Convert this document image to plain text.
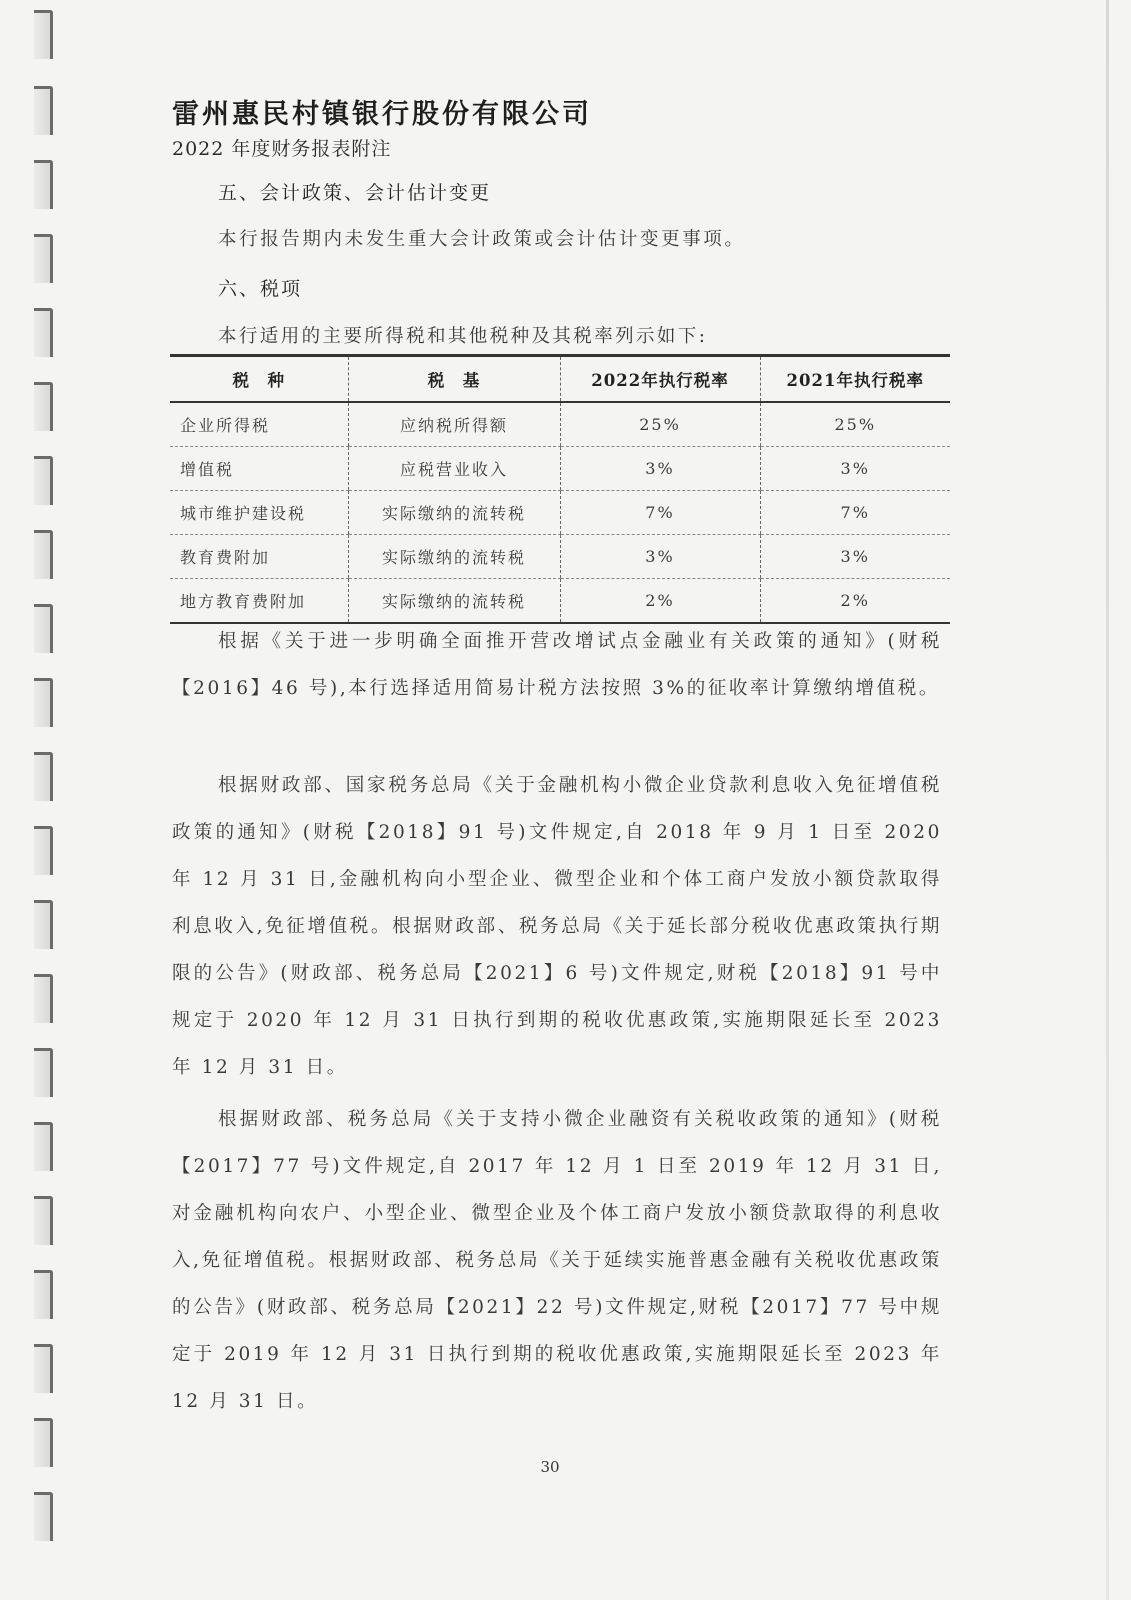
雷州惠民村镇银行股份有限公司
2022 年度财务报表附注
五、会计政策、会计估计变更
本行报告期内未发生重大会计政策或会计估计变更事项。
六、税项
本行适用的主要所得税和其他税种及其税率列示如下:
税　种	税　基	2022年执行税率	2021年执行税率
企业所得税	应纳税所得额	25%	25%
增值税	应税营业收入	3%	3%
城市维护建设税	实际缴纳的流转税	7%	7%
教育费附加	实际缴纳的流转税	3%	3%
地方教育费附加	实际缴纳的流转税	2%	2%

根据《关于进一步明确全面推开营改增试点金融业有关政策的通知》(财税【2016】46 号),本行选择适用简易计税方法按照 3%的征收率计算缴纳增值税。

根据财政部、国家税务总局《关于金融机构小微企业贷款利息收入免征增值税政策的通知》(财税【2018】91 号)文件规定,自 2018 年 9 月 1 日至 2020 年 12 月 31 日,金融机构向小型企业、微型企业和个体工商户发放小额贷款取得利息收入,免征增值税。根据财政部、税务总局《关于延长部分税收优惠政策执行期限的公告》(财政部、税务总局【2021】6 号)文件规定,财税【2018】91 号中规定于 2020 年 12 月 31 日执行到期的税收优惠政策,实施期限延长至 2023 年 12 月 31 日。

根据财政部、税务总局《关于支持小微企业融资有关税收政策的通知》(财税【2017】77 号)文件规定,自 2017 年 12 月 1 日至 2019 年 12 月 31 日,对金融机构向农户、小型企业、微型企业及个体工商户发放小额贷款取得的利息收入,免征增值税。根据财政部、税务总局《关于延续实施普惠金融有关税收优惠政策的公告》(财政部、税务总局【2021】22 号)文件规定,财税【2017】77 号中规定于 2019 年 12 月 31 日执行到期的税收优惠政策,实施期限延长至 2023 年 12 月 31 日。

30
